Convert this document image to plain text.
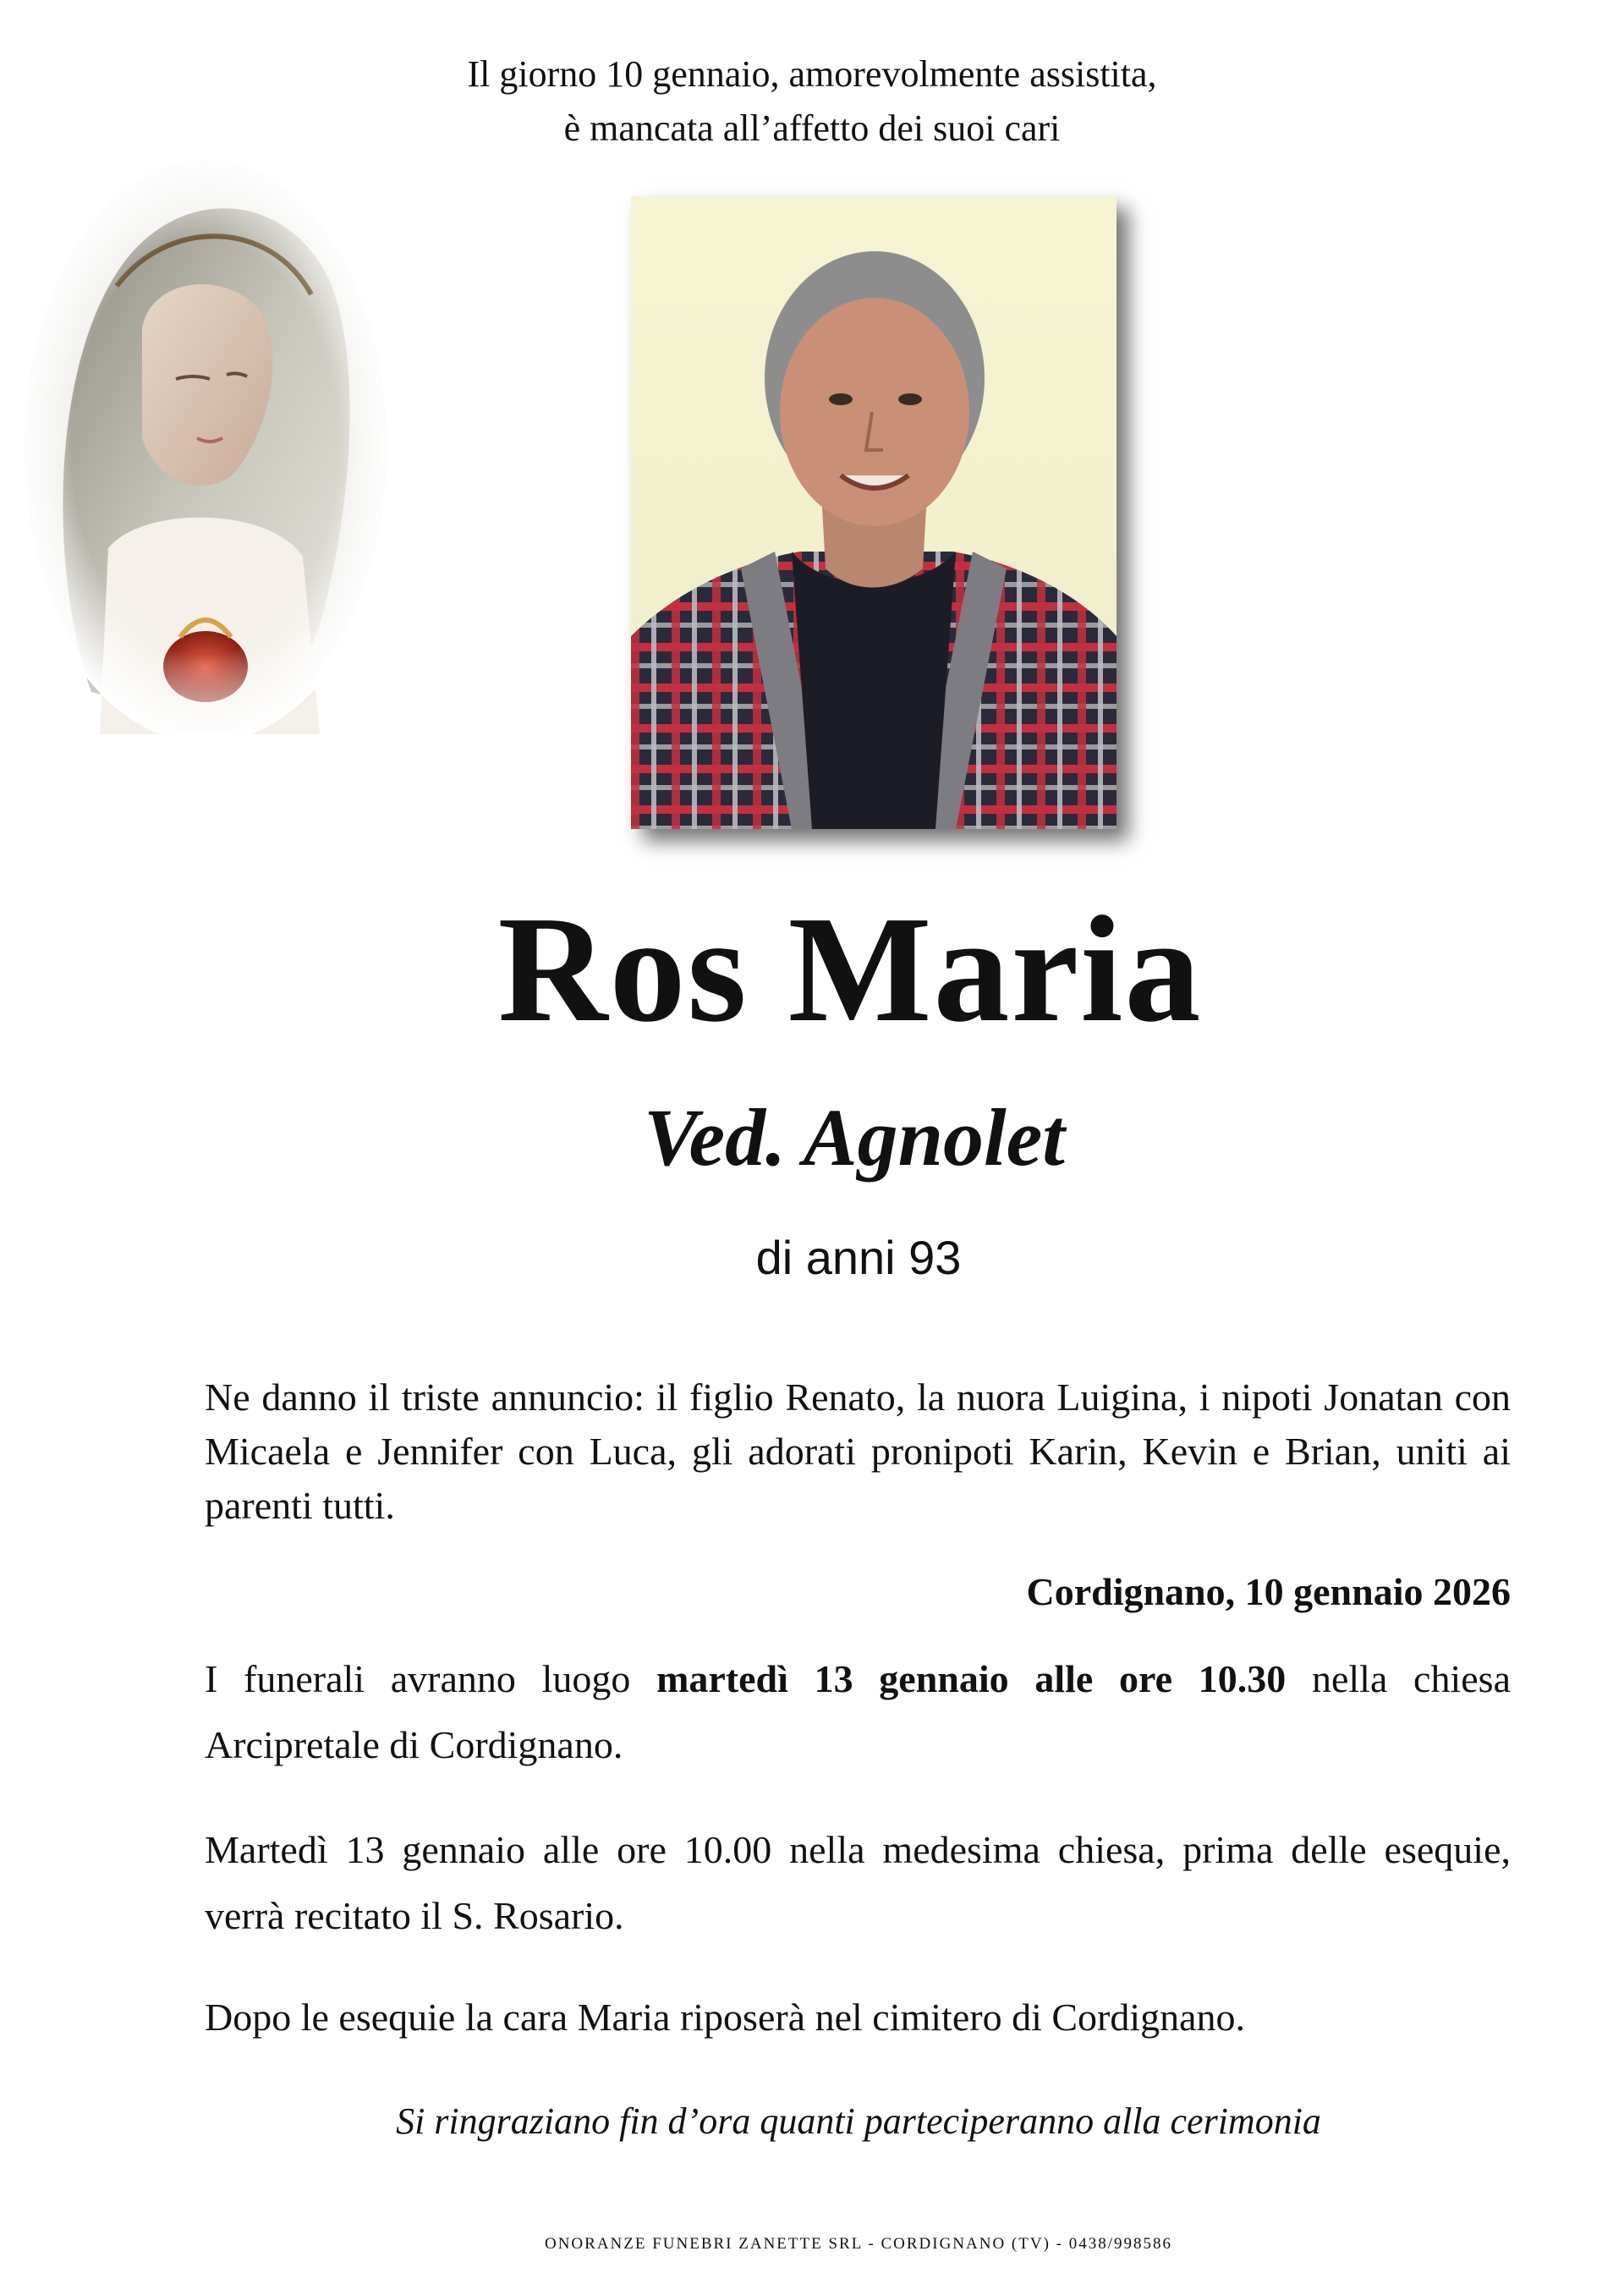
Il giorno 10 gennaio, amorevolmente assistita,
è mancata all’affetto dei suoi cari
Ros Maria
Ved. Agnolet
di anni 93
Ne danno il triste annuncio: il figlio Renato, la nuora Luigina, i nipoti Jonatan con Micaela e Jennifer con Luca, gli adorati pronipoti Karin, Kevin e Brian, uniti ai parenti tutti.
Cordignano, 10 gennaio 2026
I funerali avranno luogo martedì 13 gennaio alle ore 10.30 nella chiesa Arcipretale di Cordignano.
Martedì 13 gennaio alle ore 10.00 nella medesima chiesa, prima delle esequie, verrà recitato il S. Rosario.
Dopo le esequie la cara Maria riposerà nel cimitero di Cordignano.
Si ringraziano fin d’ora quanti parteciperanno alla cerimonia
ONORANZE FUNEBRI ZANETTE SRL - CORDIGNANO (TV) - 0438/998586
